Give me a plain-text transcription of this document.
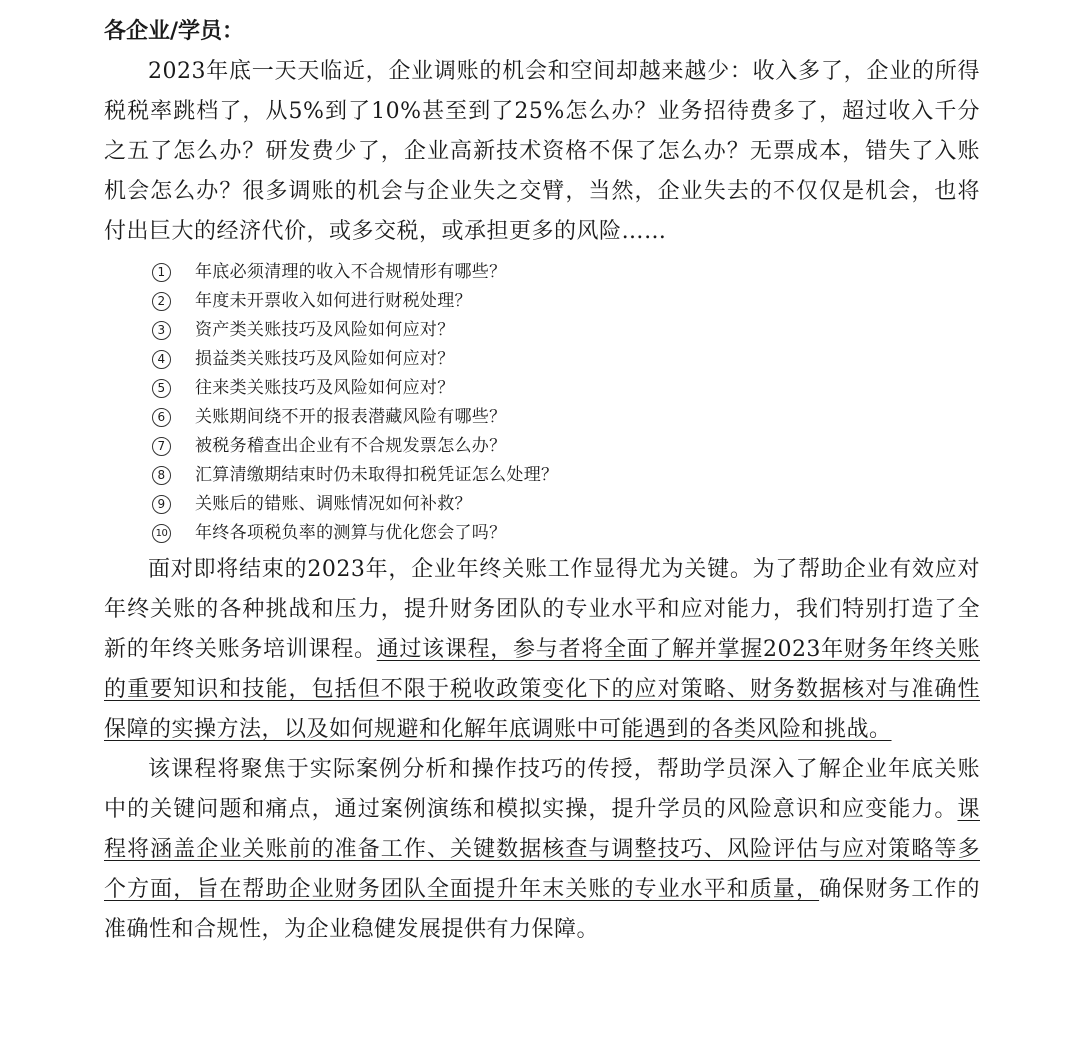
各企业/学员：

2023年底一天天临近，企业调账的机会和空间却越来越少：收入多了，企业的所得税税率跳档了，从5%到了10%甚至到了25%怎么办？业务招待费多了，超过收入千分之五了怎么办？研发费少了，企业高新技术资格不保了怎么办？无票成本，错失了入账机会怎么办？很多调账的机会与企业失之交臂，当然，企业失去的不仅仅是机会，也将付出巨大的经济代价，或多交税，或承担更多的风险……

1	年底必须清理的收入不合规情形有哪些？
2	年度未开票收入如何进行财税处理？
3	资产类关账技巧及风险如何应对？
4	损益类关账技巧及风险如何应对？
5	往来类关账技巧及风险如何应对？
6	关账期间绕不开的报表潜藏风险有哪些？
7	被税务稽查出企业有不合规发票怎么办？
8	汇算清缴期结束时仍未取得扣税凭证怎么处理？
9	关账后的错账、调账情况如何补救？
10 年终各项税负率的测算与优化您会了吗？

面对即将结束的2023年，企业年终关账工作显得尤为关键。为了帮助企业有效应对年终关账的各种挑战和压力，提升财务团队的专业水平和应对能力，我们特别打造了全新的年终关账务培训课程。通过该课程，参与者将全面了解并掌握2023年财务年终关账的重要知识和技能，包括但不限于税收政策变化下的应对策略、财务数据核对与准确性保障的实操方法，以及如何规避和化解年底调账中可能遇到的各类风险和挑战。

该课程将聚焦于实际案例分析和操作技巧的传授，帮助学员深入了解企业年底关账中的关键问题和痛点，通过案例演练和模拟实操，提升学员的风险意识和应变能力。课程将涵盖企业关账前的准备工作、关键数据核查与调整技巧、风险评估与应对策略等多个方面，旨在帮助企业财务团队全面提升年末关账的专业水平和质量，确保财务工作的准确性和合规性，为企业稳健发展提供有力保障。
